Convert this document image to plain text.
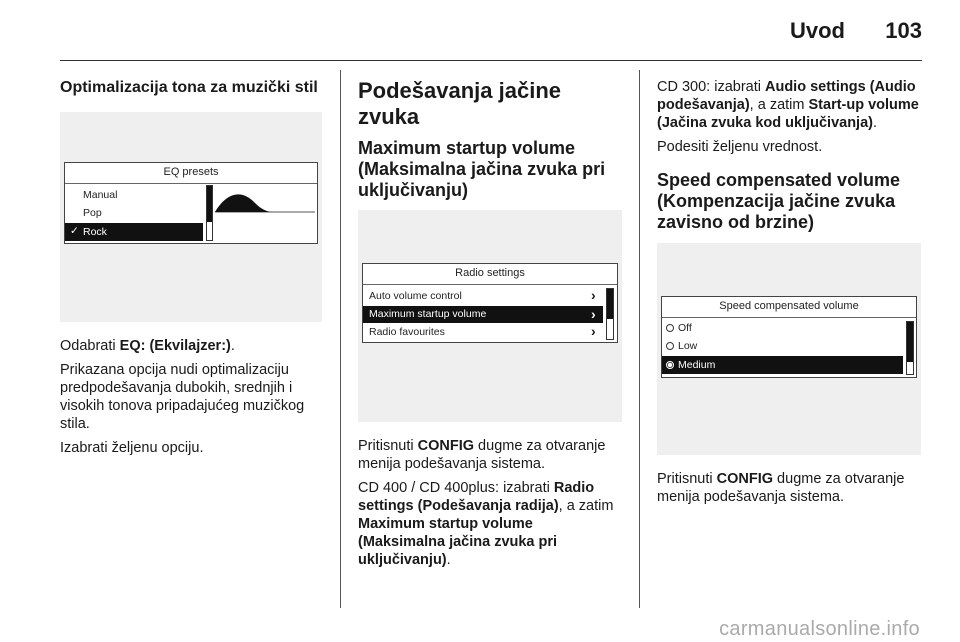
Uvod 103
Optimalizacija tona za muzički stil
EQ presets
Manual
Pop
✓ Rock

Odabrati EQ: (Ekvilajzer:).

Prikazana opcija nudi optimalizaciju predpodešavanja dubokih, srednjih i visokih tonova pripadajućeg muzičkog stila.

Izabrati željenu opciju.

Podešavanja jačine zvuka
Maximum startup volume (Maksimalna jačina zvuka pri uključivanju)
Radio settings
Auto volume control	›
Maximum startup volume	›
Radio favourites	›

Pritisnuti CONFIG dugme za otvaranje menija podešavanja sistema.

CD 400 / CD 400plus: izabrati Radio settings (Podešavanja radija), a zatim Maximum startup volume (Maksimalna jačina zvuka pri uključivanju).

CD 300: izabrati Audio settings (Audio podešavanja), a zatim Start-up volume (Jačina zvuka kod uključivanja).

Podesiti željenu vrednost.

Speed compensated volume (Kompenzacija jačine zvuka zavisno od brzine)
Speed compensated volume
Off
Low
Medium

Pritisnuti CONFIG dugme za otvaranje menija podešavanja sistema.

carmanualsonline.info
